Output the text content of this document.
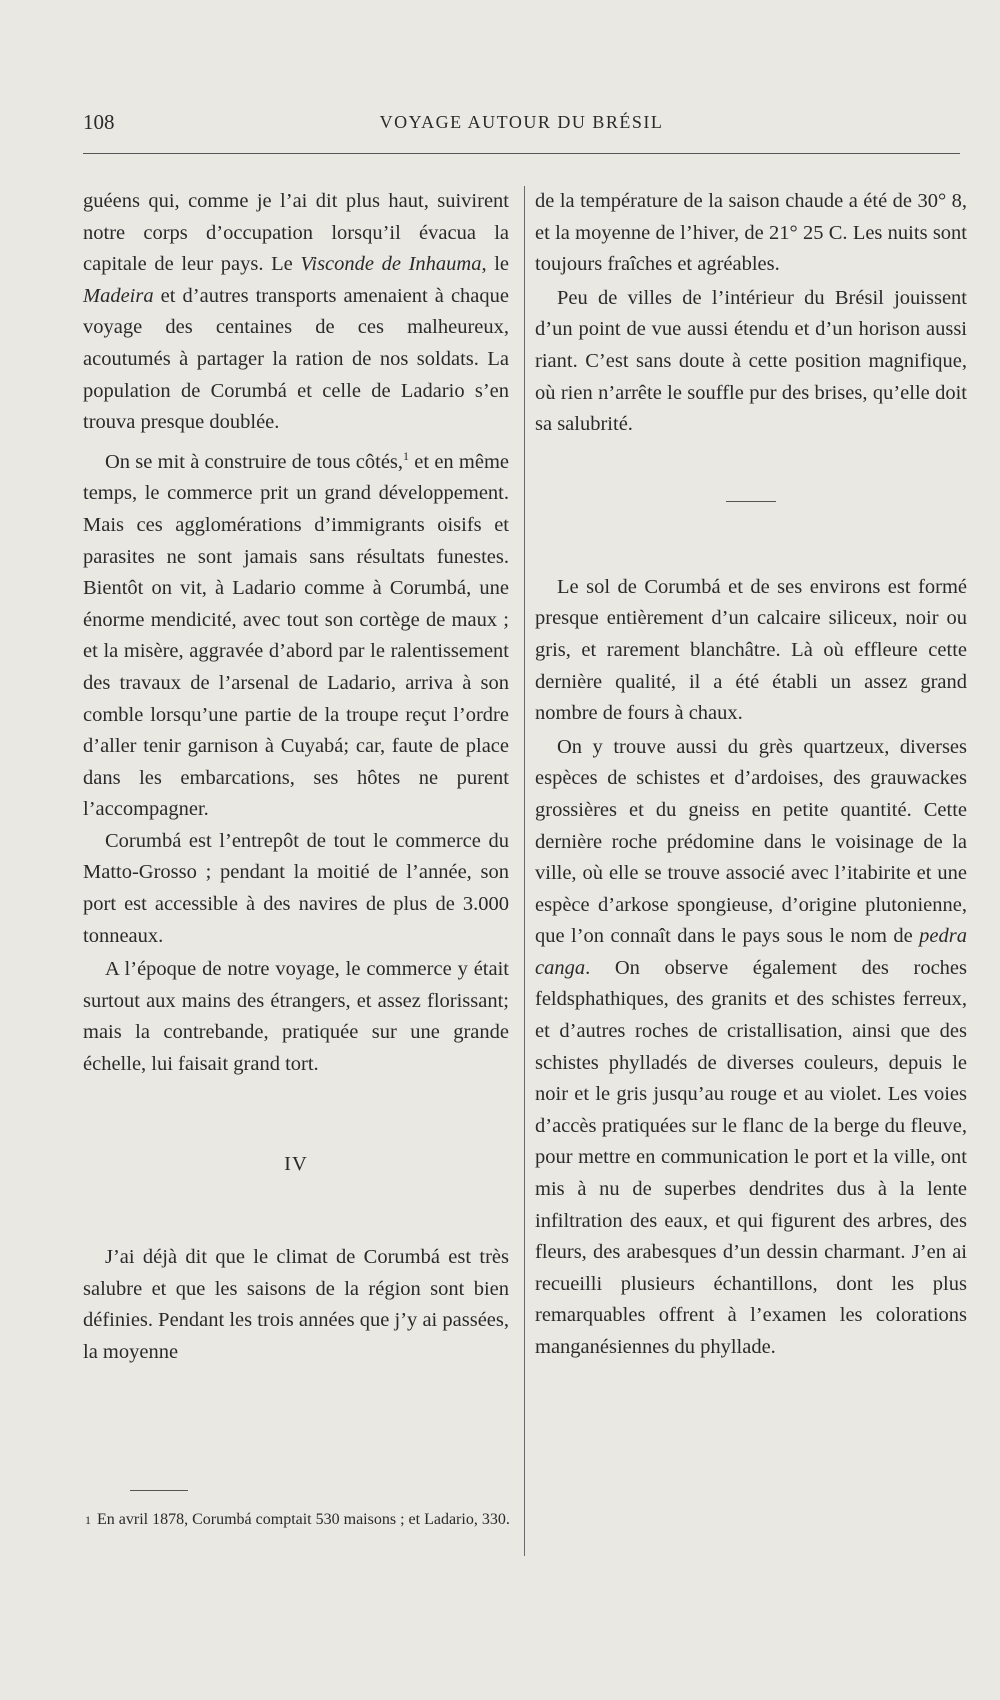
108	VOYAGE AUTOUR DU BRÉSIL

guéens qui, comme je l’ai dit plus haut, suivirent notre corps d’occupation lorsqu’il évacua la capitale de leur pays. Le Visconde de Inhauma, le Madeira et d’autres transports amenaient à chaque voyage des centaines de ces malheureux, acoutumés à partager la ration de nos soldats. La population de Corumbá et celle de Ladario s’en trouva presque doublée.

On se mit à construire de tous côtés,$^1$ et en même temps, le commerce prit un grand développement. Mais ces agglomérations d’immigrants oisifs et parasites ne sont jamais sans résultats funestes. Bientôt on vit, à Ladario comme à Corumbá, une énorme mendicité, avec tout son cortège de maux ; et la misère, aggravée d’abord par le ralentissement des travaux de l’arsenal de Ladario, arriva à son comble lorsqu’une partie de la troupe reçut l’ordre d’aller tenir garnison à Cuyabá; car, faute de place dans les embarcations, ses hôtes ne purent l’accompagner.

Corumbá est l’entrepôt de tout le commerce du Matto-Grosso ; pendant la moitié de l’année, son port est accessible à des navires de plus de 3.000 tonneaux.

A l’époque de notre voyage, le commerce y était surtout aux mains des étrangers, et assez florissant; mais la contrebande, pratiquée sur une grande échelle, lui faisait grand tort.

IV

J’ai déjà dit que le climat de Corumbá est très salubre et que les saisons de la région sont bien définies. Pendant les trois années que j’y ai passées, la moyenne

de la température de la saison chaude a été de 30° 8, et la moyenne de l’hiver, de 21° 25 C. Les nuits sont toujours fraîches et agréables.

Peu de villes de l’intérieur du Brésil jouissent d’un point de vue aussi étendu et d’un horison aussi riant. C’est sans doute à cette position magnifique, où rien n’arrête le souffle pur des brises, qu’elle doit sa salubrité.

Le sol de Corumbá et de ses environs est formé presque entièrement d’un calcaire siliceux, noir ou gris, et rarement blanchâtre. Là où effleure cette dernière qualité, il a été établi un assez grand nombre de fours à chaux.

On y trouve aussi du grès quartzeux, diverses espèces de schistes et d’ardoises, des grauwackes grossières et du gneiss en petite quantité. Cette dernière roche prédomine dans le voisinage de la ville, où elle se trouve associé avec l’itabirite et une espèce d’arkose spongieuse, d’origine plutonienne, que l’on connaît dans le pays sous le nom de pedra canga. On observe également des roches feldsphathiques, des granits et des schistes ferreux, et d’autres roches de cristallisation, ainsi que des schistes phylladés de diverses couleurs, depuis le noir et le gris jusqu’au rouge et au violet. Les voies d’accès pratiquées sur le flanc de la berge du fleuve, pour mettre en communication le port et la ville, ont mis à nu de superbes dendrites dus à la lente infiltration des eaux, et qui figurent des arbres, des fleurs, des arabesques d’un dessin charmant. J’en ai recueilli plusieurs échantillons, dont les plus remarquables offrent à l’examen les colorations manganésiennes du phyllade.

1 En avril 1878, Corumbá comptait 530 maisons ; et Ladario, 330.
